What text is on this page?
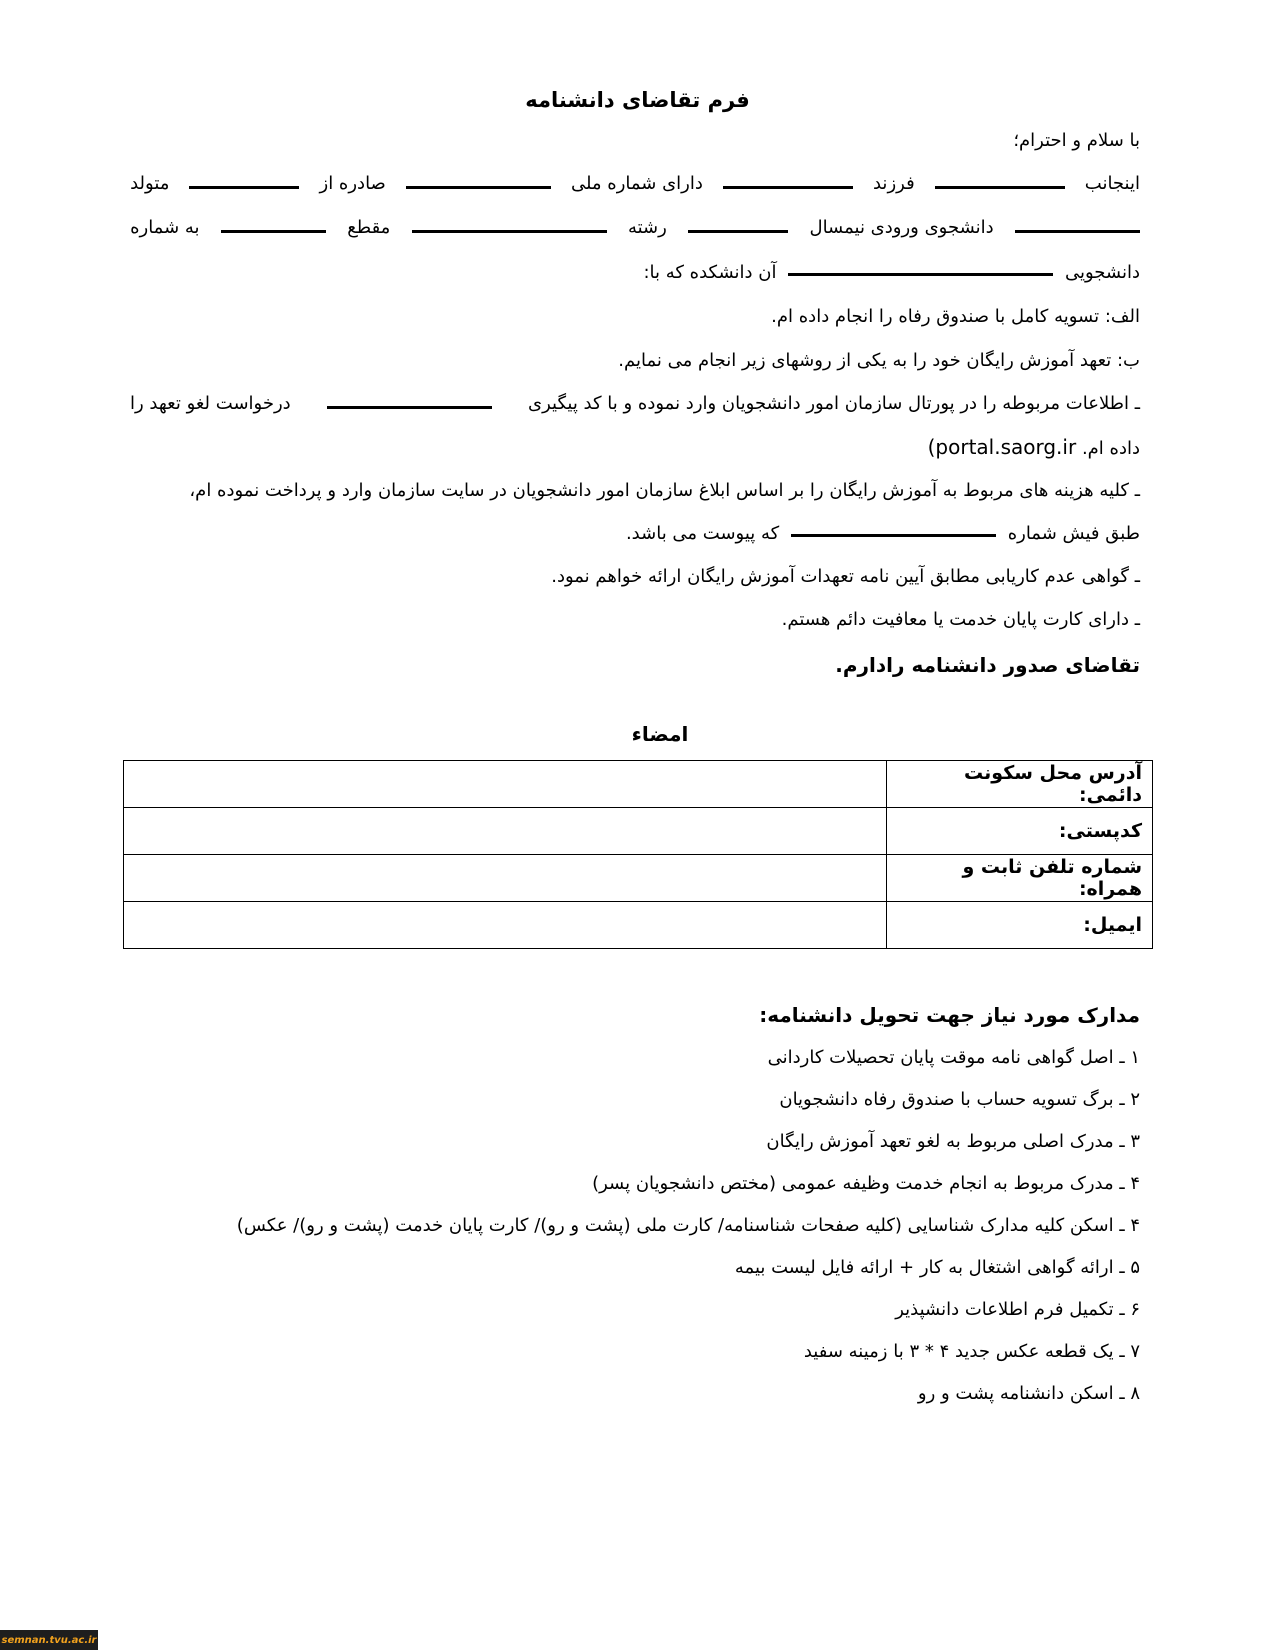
فرم تقاضای دانشنامه
با سلام و احترام؛
اینجانب
فرزند
دارای شماره ملی
صادره از
متولد
دانشجوی ورودی نیمسال
رشته
مقطع
به شماره
دانشجویی  آن دانشکده که با:
الف: تسویه کامل با صندوق رفاه را انجام داده ام.
ب: تعهد آموزش رایگان خود را به یکی از روشهای زیر انجام می نمایم.
ـ اطلاعات مربوطه را در پورتال سازمان امور دانشجویان وارد نموده و با کد پیگیری
درخواست لغو تعهد را
داده ام. (portal.saorg.ir
ـ کلیه هزینه های مربوط به آموزش رایگان را بر اساس ابلاغ سازمان امور دانشجویان در سایت سازمان وارد و پرداخت نموده ام،
طبق فیش شماره  که پیوست می باشد.
ـ گواهی عدم کاریابی مطابق آیین نامه تعهدات آموزش رایگان ارائه خواهم نمود.
ـ دارای کارت پایان خدمت یا معافیت دائم هستم.
تقاضای صدور دانشنامه رادارم.
امضاء
آدرس محل سکونت دائمی:	
کدپستی:	
شماره تلفن ثابت و همراه:	
ایمیل:	
مدارک مورد نیاز جهت تحویل دانشنامه:
۱ ـ اصل گواهی نامه موقت پایان تحصیلات کاردانی
۲ ـ برگ تسویه حساب با صندوق رفاه دانشجویان
۳ ـ مدرک اصلی مربوط به لغو تعهد آموزش رایگان
۴ ـ مدرک مربوط به انجام خدمت وظیفه عمومی (مختص دانشجویان پسر)
۴ ـ اسکن کلیه مدارک شناسایی (کلیه صفحات شناسنامه/ کارت ملی (پشت و رو)/ کارت پایان خدمت (پشت و رو)/ عکس)
۵ ـ ارائه گواهی اشتغال به کار + ارائه فایل لیست بیمه
۶ ـ تکمیل فرم اطلاعات دانشپذیر
۷ ـ یک قطعه عکس جدید ۴ * ۳ با زمینه سفید
۸ ـ اسکن دانشنامه پشت و رو
semnan.tvu.ac.ir
